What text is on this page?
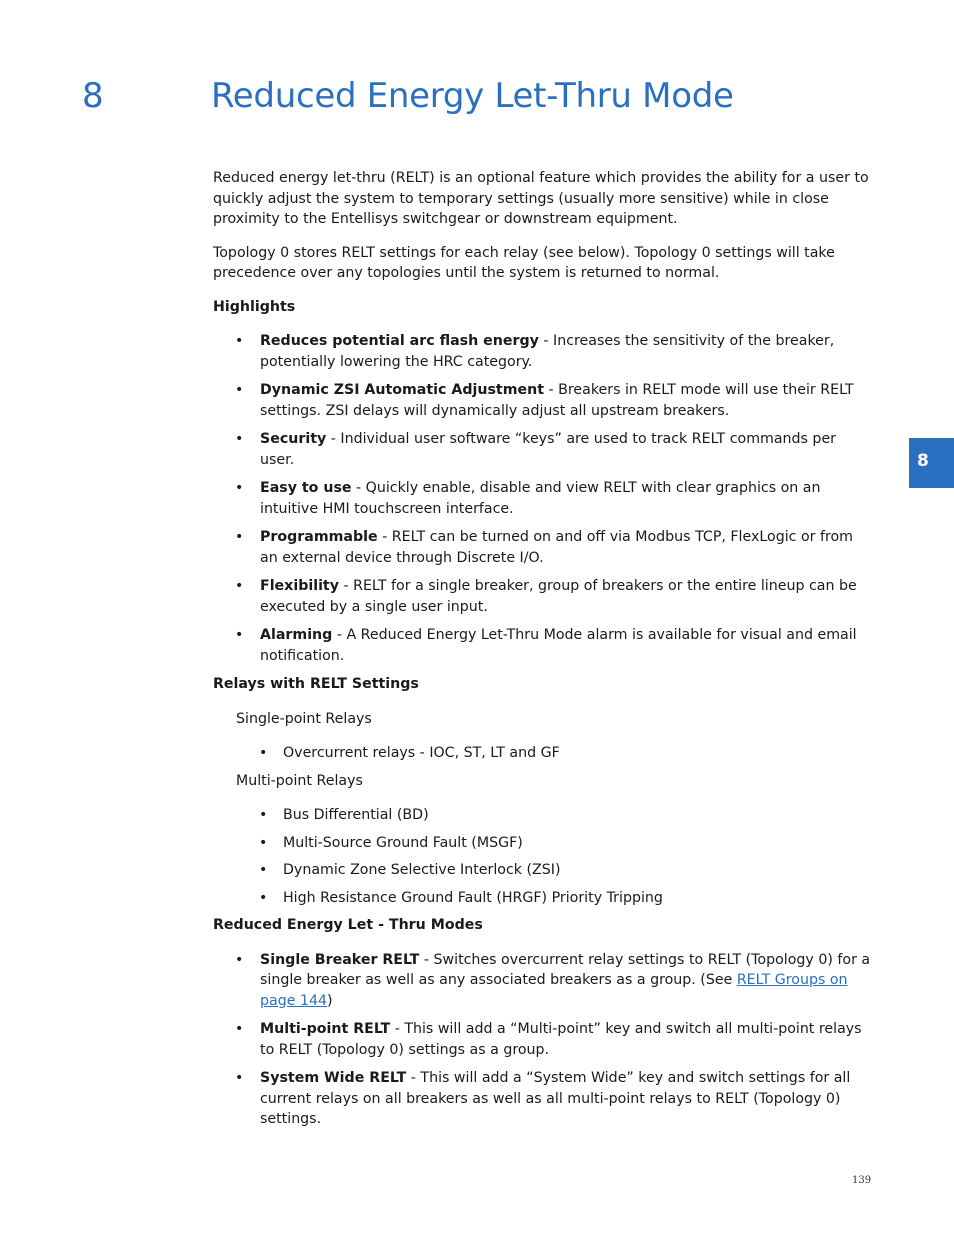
8	Reduced Energy Let-Thru Mode
8

Reduced energy let-thru (RELT) is an optional feature which provides the ability for a user to quickly adjust the system to temporary settings (usually more sensitive) while in close proximity to the Entellisys switchgear or downstream equipment.

Topology 0 stores RELT settings for each relay (see below). Topology 0 settings will take precedence over any topologies until the system is returned to normal.

Highlights

• Reduces potential arc flash energy - Increases the sensitivity of the breaker, potentially lowering the HRC category.
• Dynamic ZSI Automatic Adjustment - Breakers in RELT mode will use their RELT settings. ZSI delays will dynamically adjust all upstream breakers.
• Security - Individual user software “keys” are used to track RELT commands per user.
• Easy to use - Quickly enable, disable and view RELT with clear graphics on an intuitive HMI touchscreen interface.
• Programmable - RELT can be turned on and off via Modbus TCP, FlexLogic or from an external device through Discrete I/O.
• Flexibility - RELT for a single breaker, group of breakers or the entire lineup can be executed by a single user input.
• Alarming - A Reduced Energy Let-Thru Mode alarm is available for visual and email notification.

Relays with RELT Settings

Single-point Relays

• Overcurrent relays - IOC, ST, LT and GF

Multi-point Relays

• Bus Differential (BD)
• Multi-Source Ground Fault (MSGF)
• Dynamic Zone Selective Interlock (ZSI)
• High Resistance Ground Fault (HRGF) Priority Tripping

Reduced Energy Let - Thru Modes

• Single Breaker RELT - Switches overcurrent relay settings to RELT (Topology 0) for a single breaker as well as any associated breakers as a group. (See RELT Groups on page 144)
• Multi-point RELT - This will add a “Multi-point” key and switch all multi-point relays to RELT (Topology 0) settings as a group.
• System Wide RELT - This will add a “System Wide” key and switch settings for all current relays on all breakers as well as all multi-point relays to RELT (Topology 0) settings.
139
